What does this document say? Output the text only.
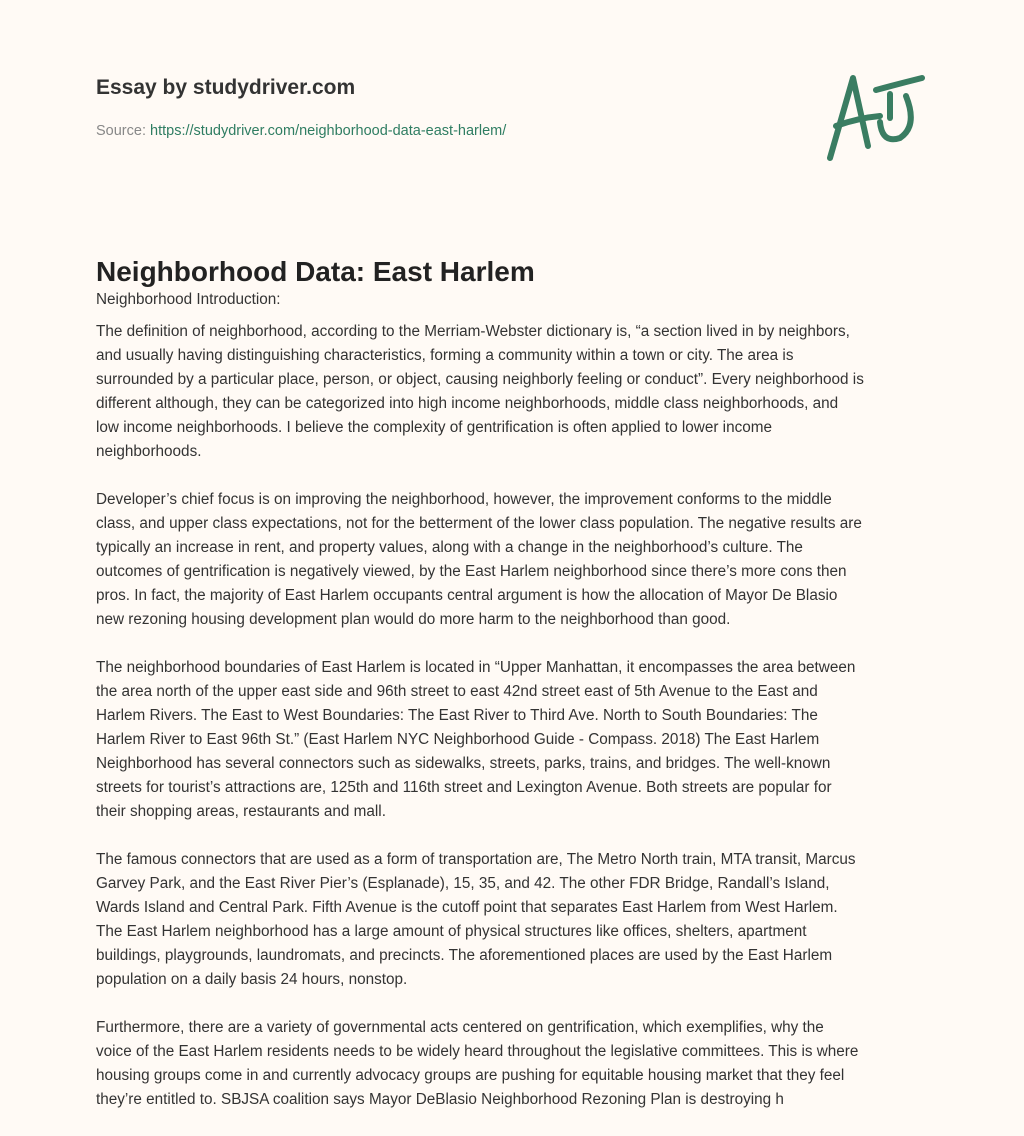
Essay by studydriver.com
Source: https://studydriver.com/neighborhood-data-east-harlem/
Neighborhood Data: East Harlem

Neighborhood Introduction:

The definition of neighborhood, according to the Merriam-Webster dictionary is, “a section lived in by neighbors,
and usually having distinguishing characteristics, forming a community within a town or city. The area is
surrounded by a particular place, person, or object, causing neighborly feeling or conduct”. Every neighborhood is
different although, they can be categorized into high income neighborhoods, middle class neighborhoods, and
low income neighborhoods. I believe the complexity of gentrification is often applied to lower income
neighborhoods.

Developer’s chief focus is on improving the neighborhood, however, the improvement conforms to the middle
class, and upper class expectations, not for the betterment of the lower class population. The negative results are
typically an increase in rent, and property values, along with a change in the neighborhood’s culture. The
outcomes of gentrification is negatively viewed, by the East Harlem neighborhood since there’s more cons then
pros. In fact, the majority of East Harlem occupants central argument is how the allocation of Mayor De Blasio
new rezoning housing development plan would do more harm to the neighborhood than good.

The neighborhood boundaries of East Harlem is located in “Upper Manhattan, it encompasses the area between
the area north of the upper east side and 96th street to east 42nd street east of 5th Avenue to the East and
Harlem Rivers. The East to West Boundaries: The East River to Third Ave. North to South Boundaries: The
Harlem River to East 96th St.” (East Harlem NYC Neighborhood Guide - Compass. 2018) The East Harlem
Neighborhood has several connectors such as sidewalks, streets, parks, trains, and bridges. The well-known
streets for tourist’s attractions are, 125th and 116th street and Lexington Avenue. Both streets are popular for
their shopping areas, restaurants and mall.

The famous connectors that are used as a form of transportation are, The Metro North train, MTA transit, Marcus
Garvey Park, and the East River Pier’s (Esplanade), 15, 35, and 42. The other FDR Bridge, Randall’s Island,
Wards Island and Central Park. Fifth Avenue is the cutoff point that separates East Harlem from West Harlem.
The East Harlem neighborhood has a large amount of physical structures like offices, shelters, apartment
buildings, playgrounds, laundromats, and precincts. The aforementioned places are used by the East Harlem
population on a daily basis 24 hours, nonstop.

Furthermore, there are a variety of governmental acts centered on gentrification, which exemplifies, why the
voice of the East Harlem residents needs to be widely heard throughout the legislative committees. This is where
housing groups come in and currently advocacy groups are pushing for equitable housing market that they feel
they’re entitled to. SBJSA coalition says Mayor DeBlasio Neighborhood Rezoning Plan is destroying h
